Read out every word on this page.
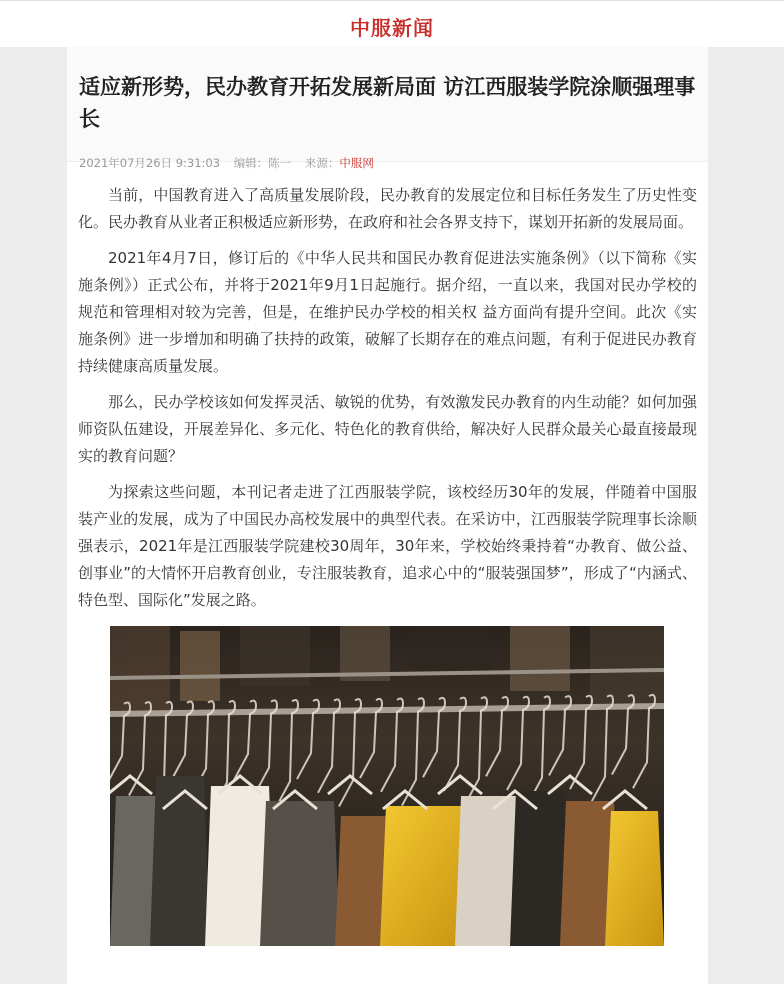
中服新闻
适应新形势，民办教育开拓发展新局面 访江西服装学院涂顺强理事长
2021年07月26日 9:31:03 编辑：陈一 来源：中服网

当前，中国教育进入了高质量发展阶段，民办教育的发展定位和目标任务发生了历史性变化。民办教育从业者正积极适应新形势，在政府和社会各界支持下，谋划开拓新的发展局面。

2021年4月7日，修订后的《中华人民共和国民办教育促进法实施条例》（以下简称《实施条例》）正式公布，并将于2021年9月1日起施行。据介绍，一直以来，我国对民办学校的规范和管理相对较为完善，但是，在维护民办学校的相关权 益方面尚有提升空间。此次《实施条例》进一步增加和明确了扶持的政策，破解了长期存在的难点问题，有利于促进民办教育持续健康高质量发展。

那么，民办学校该如何发挥灵活、敏锐的优势，有效激发民办教育的内生动能？如何加强师资队伍建设，开展差异化、多元化、特色化的教育供给，解决好人民群众最关心最直接最现实的教育问题？

为探索这些问题，本刊记者走进了江西服装学院，该校经历30年的发展，伴随着中国服装产业的发展，成为了中国民办高校发展中的典型代表。在采访中，江西服装学院理事长涂顺强表示，2021年是江西服装学院建校30周年，30年来，学校始终秉持着“办教育、做公益、创事业”的大情怀开启教育创业，专注服装教育，追求心中的“服装强国梦”，形成了“内涵式、特色型、国际化”发展之路。
